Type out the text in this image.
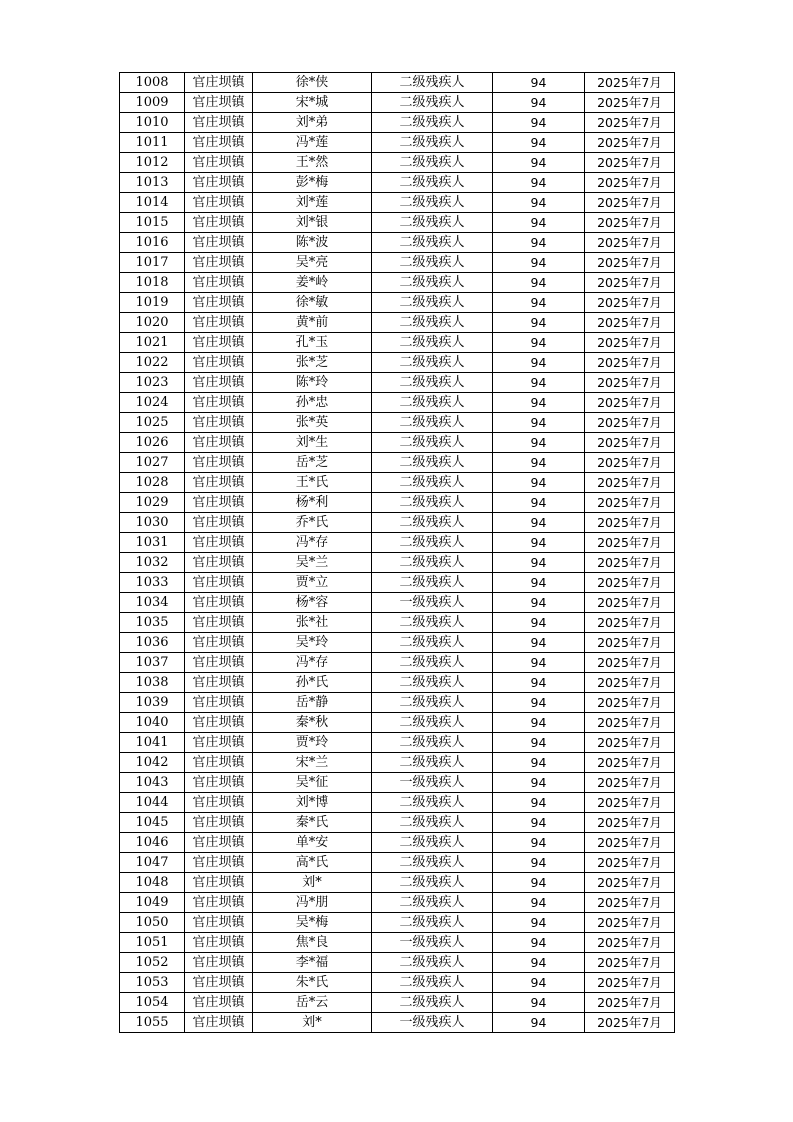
1008	官庄坝镇	徐*侠	二级残疾人	94	2025年7月
1009	官庄坝镇	宋*城	二级残疾人	94	2025年7月
1010	官庄坝镇	刘*弟	二级残疾人	94	2025年7月
1011	官庄坝镇	冯*莲	二级残疾人	94	2025年7月
1012	官庄坝镇	王*然	二级残疾人	94	2025年7月
1013	官庄坝镇	彭*梅	二级残疾人	94	2025年7月
1014	官庄坝镇	刘*莲	二级残疾人	94	2025年7月
1015	官庄坝镇	刘*银	二级残疾人	94	2025年7月
1016	官庄坝镇	陈*波	二级残疾人	94	2025年7月
1017	官庄坝镇	吴*亮	二级残疾人	94	2025年7月
1018	官庄坝镇	姜*岭	二级残疾人	94	2025年7月
1019	官庄坝镇	徐*敏	二级残疾人	94	2025年7月
1020	官庄坝镇	黄*前	二级残疾人	94	2025年7月
1021	官庄坝镇	孔*玉	二级残疾人	94	2025年7月
1022	官庄坝镇	张*芝	二级残疾人	94	2025年7月
1023	官庄坝镇	陈*玲	二级残疾人	94	2025年7月
1024	官庄坝镇	孙*忠	二级残疾人	94	2025年7月
1025	官庄坝镇	张*英	二级残疾人	94	2025年7月
1026	官庄坝镇	刘*生	二级残疾人	94	2025年7月
1027	官庄坝镇	岳*芝	二级残疾人	94	2025年7月
1028	官庄坝镇	王*氏	二级残疾人	94	2025年7月
1029	官庄坝镇	杨*利	二级残疾人	94	2025年7月
1030	官庄坝镇	乔*氏	二级残疾人	94	2025年7月
1031	官庄坝镇	冯*存	二级残疾人	94	2025年7月
1032	官庄坝镇	吴*兰	二级残疾人	94	2025年7月
1033	官庄坝镇	贾*立	二级残疾人	94	2025年7月
1034	官庄坝镇	杨*容	一级残疾人	94	2025年7月
1035	官庄坝镇	张*社	二级残疾人	94	2025年7月
1036	官庄坝镇	吴*玲	二级残疾人	94	2025年7月
1037	官庄坝镇	冯*存	二级残疾人	94	2025年7月
1038	官庄坝镇	孙*氏	二级残疾人	94	2025年7月
1039	官庄坝镇	岳*静	二级残疾人	94	2025年7月
1040	官庄坝镇	秦*秋	二级残疾人	94	2025年7月
1041	官庄坝镇	贾*玲	二级残疾人	94	2025年7月
1042	官庄坝镇	宋*兰	二级残疾人	94	2025年7月
1043	官庄坝镇	吴*征	一级残疾人	94	2025年7月
1044	官庄坝镇	刘*博	二级残疾人	94	2025年7月
1045	官庄坝镇	秦*氏	二级残疾人	94	2025年7月
1046	官庄坝镇	单*安	二级残疾人	94	2025年7月
1047	官庄坝镇	高*氏	二级残疾人	94	2025年7月
1048	官庄坝镇	刘*	二级残疾人	94	2025年7月
1049	官庄坝镇	冯*朋	二级残疾人	94	2025年7月
1050	官庄坝镇	吴*梅	二级残疾人	94	2025年7月
1051	官庄坝镇	焦*良	一级残疾人	94	2025年7月
1052	官庄坝镇	李*福	二级残疾人	94	2025年7月
1053	官庄坝镇	朱*氏	二级残疾人	94	2025年7月
1054	官庄坝镇	岳*云	二级残疾人	94	2025年7月
1055	官庄坝镇	刘*	一级残疾人	94	2025年7月
